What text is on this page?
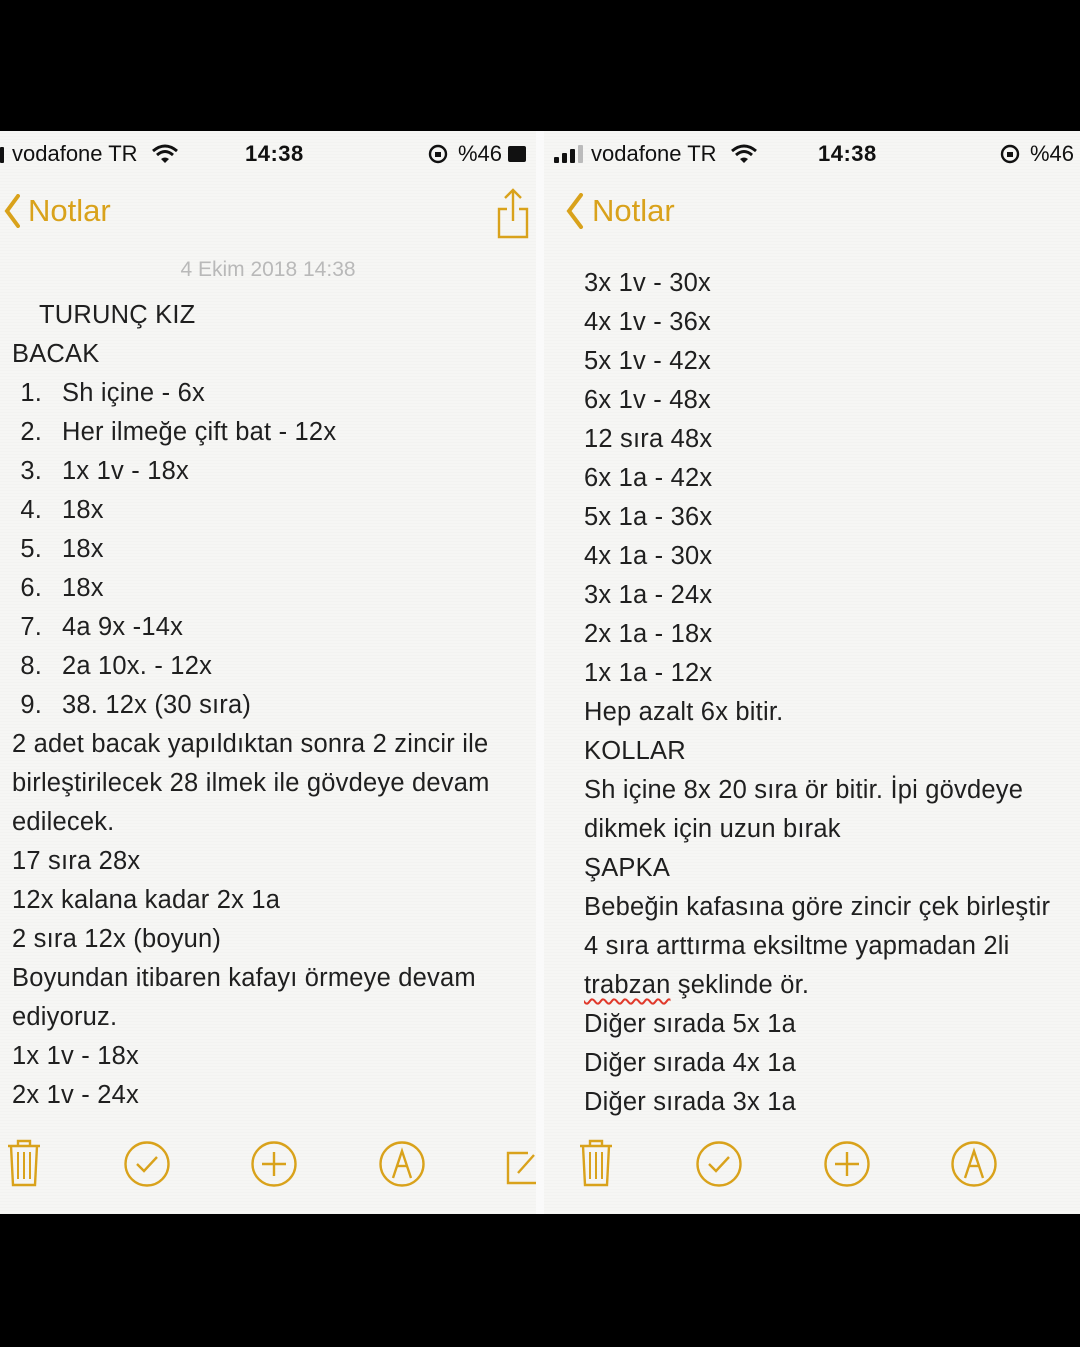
vodafone TR	14:38	%46
Notlar
4 Ekim 2018 14:38
TURUNÇ KIZ
BACAK
1. Sh içine - 6x
2. Her ilmeğe çift bat - 12x
3. 1x 1v - 18x
4. 18x
5. 18x
6. 18x
7. 4a 9x -14x
8. 2a 10x. - 12x
9. 38. 12x (30 sıra)
2 adet bacak yapıldıktan sonra 2 zincir ile
birleştirilecek 28 ilmek ile gövdeye devam
edilecek.
17 sıra 28x
12x kalana kadar 2x 1a
2 sıra 12x (boyun)
Boyundan itibaren kafayı örmeye devam
ediyoruz.
1x 1v - 18x
2x 1v - 24x
vodafone TR	14:38	%46
Notlar
3x 1v - 30x
4x 1v - 36x
5x 1v - 42x
6x 1v - 48x
12 sıra 48x
6x 1a - 42x
5x 1a - 36x
4x 1a - 30x
3x 1a - 24x
2x 1a - 18x
1x 1a - 12x
Hep azalt 6x bitir.
KOLLAR
Sh içine 8x 20 sıra ör bitir. İpi gövdeye
dikmek için uzun bırak
ŞAPKA
Bebeğin kafasına göre zincir çek birleştir
4 sıra arttırma eksiltme yapmadan 2li
trabzan şeklinde ör.
Diğer sırada 5x 1a
Diğer sırada 4x 1a
Diğer sırada 3x 1a
